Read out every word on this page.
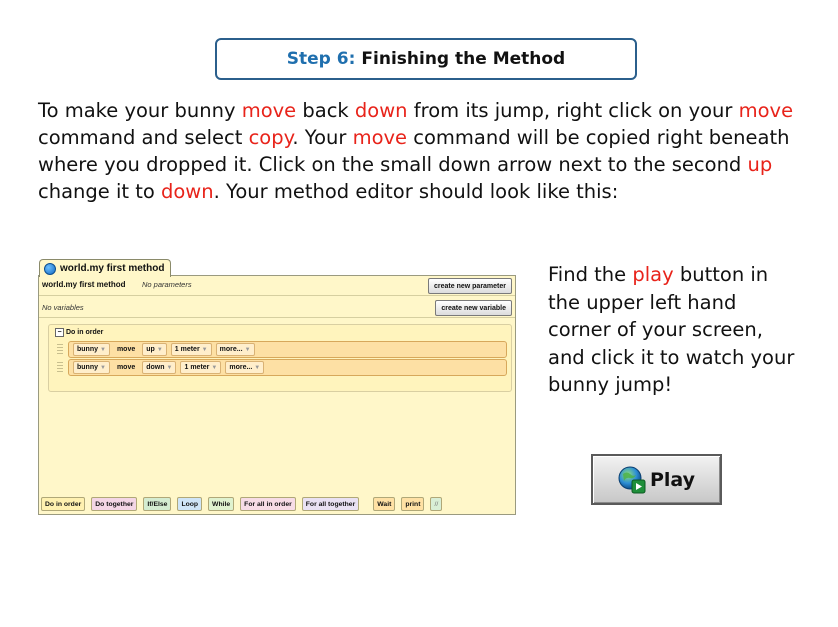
Step 6: Finishing the Method
To make your bunny move back down from its jump, right click on your move command and select copy. Your move command will be copied right beneath where you dropped it. Click on the small down arrow next to the second up change it to down. Your method editor should look like this:
world.my first method
world.my first method No parameters	create new parameter
No variables	create new variable
− Do in order
bunny ▼	move	up ▼ 1 meter ▼ more... ▼
bunny ▼	move	down ▼ 1 meter ▼ more... ▼
Do in order	Do together	If/Else	Loop	While	For all in order	For all together	Wait	print	//
Find the play button in the upper left hand corner of your screen, and click it to watch your bunny jump!
Play
